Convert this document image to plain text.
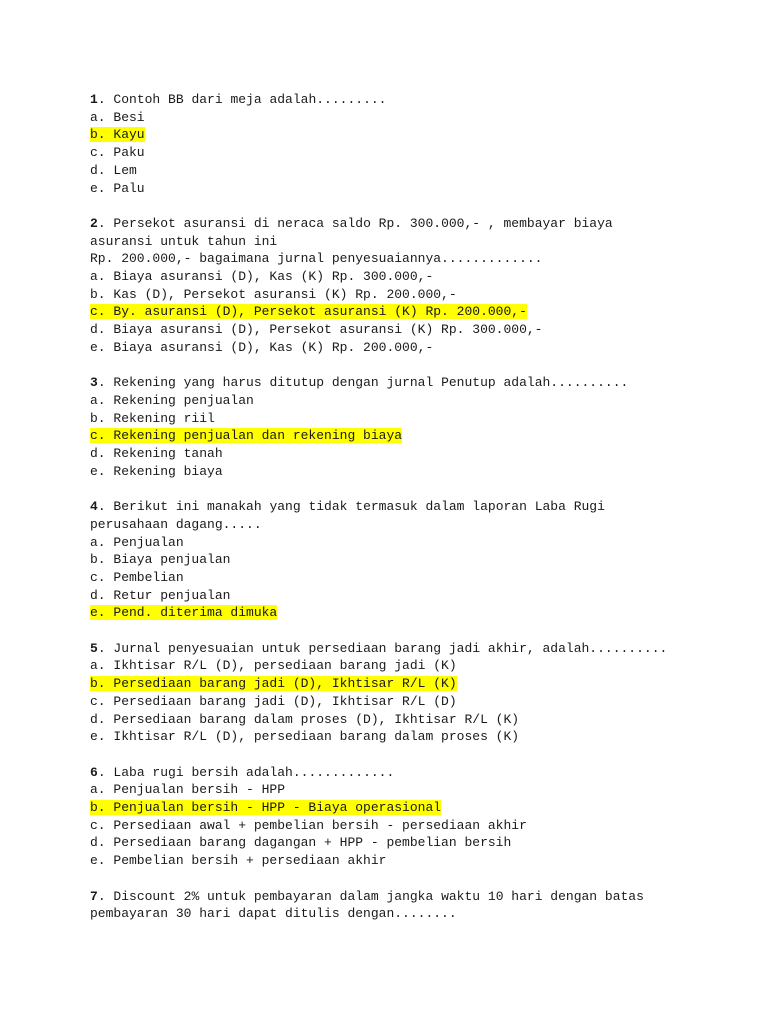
1. Contoh BB dari meja adalah.........
a. Besi
b. Kayu
c. Paku
d. Lem
e. Palu
2. Persekot asuransi di neraca saldo Rp. 300.000,- , membayar biaya
asuransi untuk tahun ini
Rp. 200.000,- bagaimana jurnal penyesuaiannya.............
a. Biaya asuransi (D), Kas (K) Rp. 300.000,-
b. Kas (D), Persekot asuransi (K) Rp. 200.000,-
c. By. asuransi (D), Persekot asuransi (K) Rp. 200.000,-
d. Biaya asuransi (D), Persekot asuransi (K) Rp. 300.000,-
e. Biaya asuransi (D), Kas (K) Rp. 200.000,-
3. Rekening yang harus ditutup dengan jurnal Penutup adalah..........
a. Rekening penjualan
b. Rekening riil
c. Rekening penjualan dan rekening biaya
d. Rekening tanah
e. Rekening biaya
4. Berikut ini manakah yang tidak termasuk dalam laporan Laba Rugi
perusahaan dagang.....
a. Penjualan
b. Biaya penjualan
c. Pembelian
d. Retur penjualan
e. Pend. diterima dimuka
5. Jurnal penyesuaian untuk persediaan barang jadi akhir, adalah..........
a. Ikhtisar R/L (D), persediaan barang jadi (K)
b. Persediaan barang jadi (D), Ikhtisar R/L (K)
c. Persediaan barang jadi (D), Ikhtisar R/L (D)
d. Persediaan barang dalam proses (D), Ikhtisar R/L (K)
e. Ikhtisar R/L (D), persediaan barang dalam proses (K)
6. Laba rugi bersih adalah.............
a. Penjualan bersih - HPP
b. Penjualan bersih - HPP - Biaya operasional
c. Persediaan awal + pembelian bersih - persediaan akhir
d. Persediaan barang dagangan + HPP - pembelian bersih
e. Pembelian bersih + persediaan akhir
7. Discount 2% untuk pembayaran dalam jangka waktu 10 hari dengan batas
pembayaran 30 hari dapat ditulis dengan........
